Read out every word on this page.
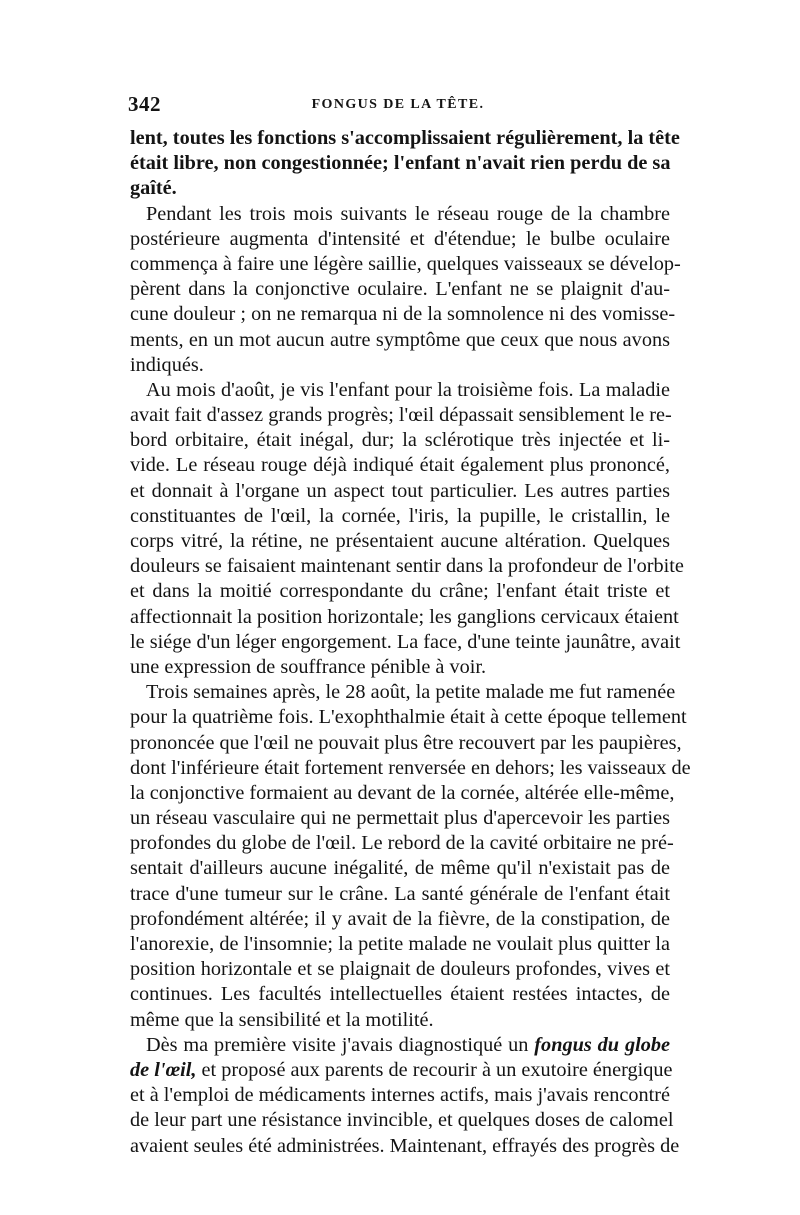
342	FONGUS DE LA TÊTE.
lent, toutes les fonctions s'accomplissaient régulièrement, la tête
était libre, non congestionnée; l'enfant n'avait rien perdu de sa
gaîté.
Pendant les trois mois suivants le réseau rouge de la chambre
postérieure augmenta d'intensité et d'étendue; le bulbe oculaire
commença à faire une légère saillie, quelques vaisseaux se dévelop-
pèrent dans la conjonctive oculaire. L'enfant ne se plaignit d'au-
cune douleur ; on ne remarqua ni de la somnolence ni des vomisse-
ments, en un mot aucun autre symptôme que ceux que nous avons
indiqués.
Au mois d'août, je vis l'enfant pour la troisième fois. La maladie
avait fait d'assez grands progrès; l'œil dépassait sensiblement le re-
bord orbitaire, était inégal, dur; la sclérotique très injectée et li-
vide. Le réseau rouge déjà indiqué était également plus prononcé,
et donnait à l'organe un aspect tout particulier. Les autres parties
constituantes de l'œil, la cornée, l'iris, la pupille, le cristallin, le
corps vitré, la rétine, ne présentaient aucune altération. Quelques
douleurs se faisaient maintenant sentir dans la profondeur de l'orbite
et dans la moitié correspondante du crâne; l'enfant était triste et
affectionnait la position horizontale; les ganglions cervicaux étaient
le siége d'un léger engorgement. La face, d'une teinte jaunâtre, avait
une expression de souffrance pénible à voir.
Trois semaines après, le 28 août, la petite malade me fut ramenée
pour la quatrième fois. L'exophthalmie était à cette époque tellement
prononcée que l'œil ne pouvait plus être recouvert par les paupières,
dont l'inférieure était fortement renversée en dehors; les vaisseaux de
la conjonctive formaient au devant de la cornée, altérée elle-même,
un réseau vasculaire qui ne permettait plus d'apercevoir les parties
profondes du globe de l'œil. Le rebord de la cavité orbitaire ne pré-
sentait d'ailleurs aucune inégalité, de même qu'il n'existait pas de
trace d'une tumeur sur le crâne. La santé générale de l'enfant était
profondément altérée; il y avait de la fièvre, de la constipation, de
l'anorexie, de l'insomnie; la petite malade ne voulait plus quitter la
position horizontale et se plaignait de douleurs profondes, vives et
continues. Les facultés intellectuelles étaient restées intactes, de
même que la sensibilité et la motilité.
Dès ma première visite j'avais diagnostiqué un fongus du globe
de l'œil, et proposé aux parents de recourir à un exutoire énergique
et à l'emploi de médicaments internes actifs, mais j'avais rencontré
de leur part une résistance invincible, et quelques doses de calomel
avaient seules été administrées. Maintenant, effrayés des progrès de
